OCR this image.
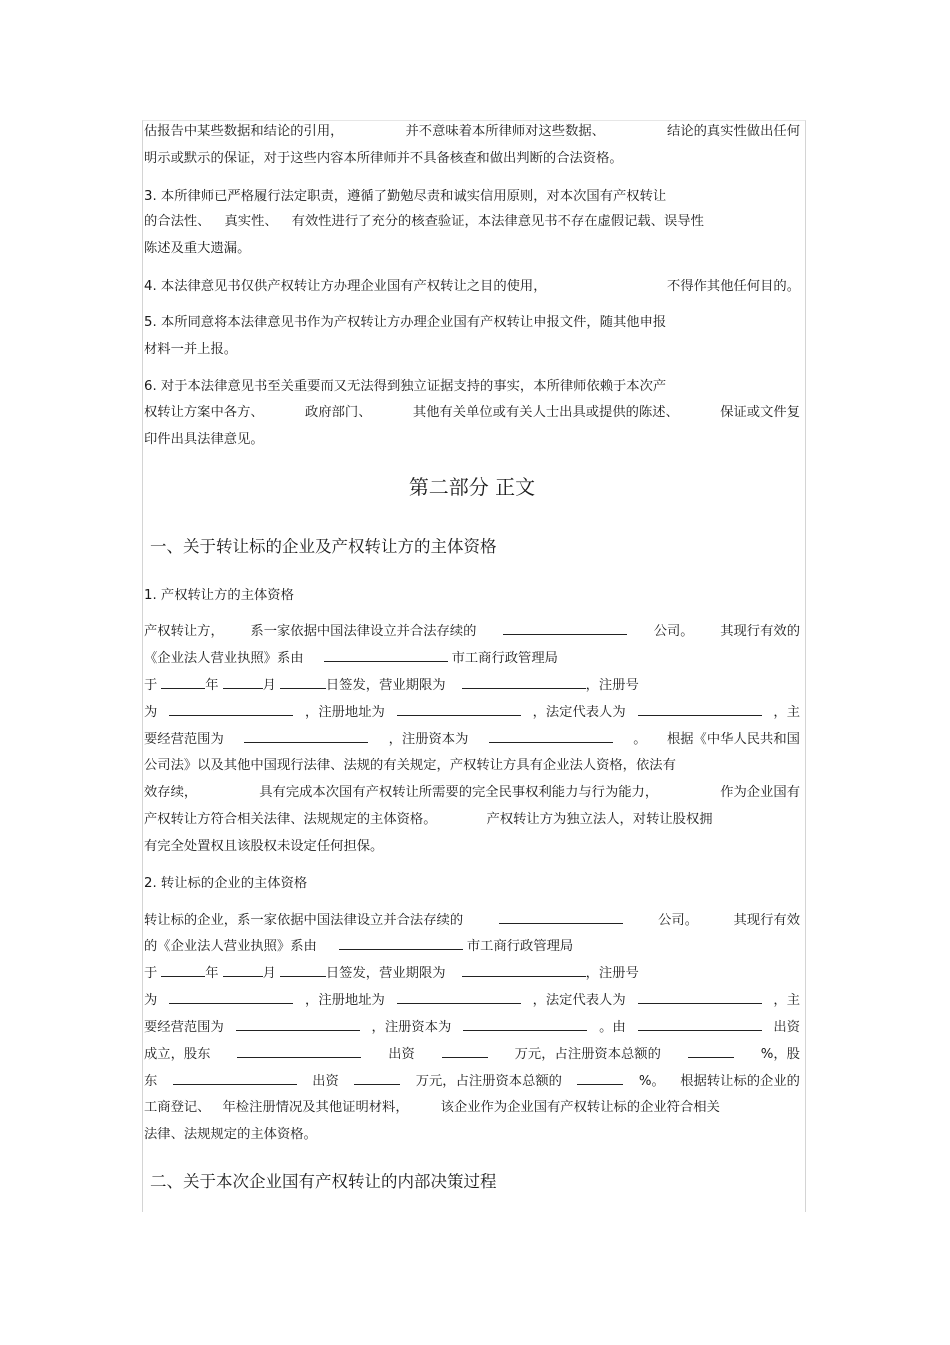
估报告中某些数据和结论的引用，	并不意味着本所律师对这些数据、	结论的真实性做出任何
明示或默示的保证，对于这些内容本所律师并不具备核查和做出判断的合法资格。
3. 本所律师已严格履行法定职责，遵循了勤勉尽责和诚实信用原则，对本次国有产权转让
的合法性、 真实性、 有效性进行了充分的核查验证，本法律意见书不存在虚假记载、误导性
陈述及重大遗漏。
4. 本法律意见书仅供产权转让方办理企业国有产权转让之目的使用，	不得作其他任何目的。
5. 本所同意将本法律意见书作为产权转让方办理企业国有产权转让申报文件，随其他申报
材料一并上报。
6. 对于本法律意见书至关重要而又无法得到独立证据支持的事实，本所律师依赖于本次产
权转让方案中各方、	政府部门、	其他有关单位或有关人士出具或提供的陈述、	保证或文件复
印件出具法律意见。
第二部分 正文
一、关于转让标的企业及产权转让方的主体资格
1. 产权转让方的主体资格
产权转让方， 系一家依据中国法律设立并合法存续的	公司。 其现行有效的
《企业法人营业执照》系由	市工商行政管理局
于	年	月	日签发，营业期限为	，注册号
为	，注册地址为	，法定代表人为	，主
要经营范围为	，注册资本为	。 根据《中华人民共和国
公司法》以及其他中国现行法律、法规的有关规定，产权转让方具有企业法人资格，依法有
效存续，	具有完成本次国有产权转让所需要的完全民事权利能力与行为能力，	作为企业国有
产权转让方符合相关法律、法规规定的主体资格。	产权转让方为独立法人，对转让股权拥
有完全处置权且该股权未设定任何担保。
2. 转让标的企业的主体资格
转让标的企业，系一家依据中国法律设立并合法存续的	公司。	其现行有效
的《企业法人营业执照》系由	市工商行政管理局
于	年	月	日签发，营业期限为	，注册号
为	，注册地址为	，法定代表人为	，主
要经营范围为	，注册资本为	。由	出资
成立，股东	出资	万元，占注册资本总额的	%，股
东	出资	万元，占注册资本总额的	%。 根据转让标的企业的
工商登记、 年检注册情况及其他证明材料， 该企业作为企业国有产权转让标的企业符合相关
法律、法规规定的主体资格。
二、关于本次企业国有产权转让的内部决策过程
